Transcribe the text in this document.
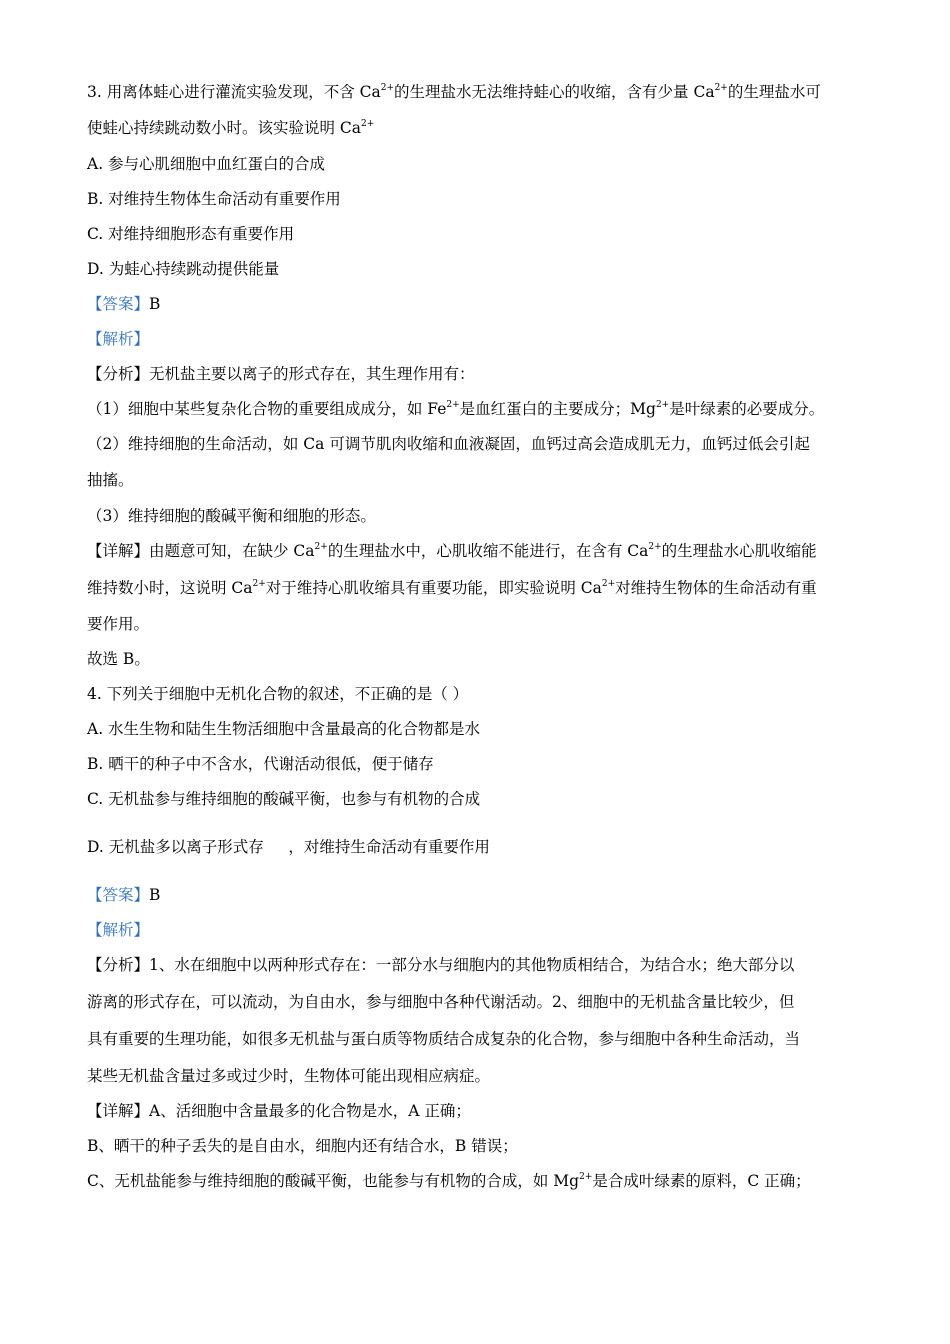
3. 用离体蛙心进行灌流实验发现，不含 $Ca^{2+}$的生理盐水无法维持蛙心的收缩，含有少量 $Ca^{2+}$的生理盐水可
使蛙心持续跳动数小时。该实验说明 $Ca^{2+}$
A. 参与心肌细胞中血红蛋白的合成
B. 对维持生物体生命活动有重要作用
C. 对维持细胞形态有重要作用
D. 为蛙心持续跳动提供能量
【答案】B
【解析】
【分析】无机盐主要以离子的形式存在，其生理作用有：
（1）细胞中某些复杂化合物的重要组成成分，如 $Fe^{2+}$是血红蛋白的主要成分；$Mg^{2+}$是叶绿素的必要成分。
（2）维持细胞的生命活动，如 Ca 可调节肌肉收缩和血液凝固，血钙过高会造成肌无力，血钙过低会引起
抽搐。
（3）维持细胞的酸碱平衡和细胞的形态。
【详解】由题意可知，在缺少 $Ca^{2+}$的生理盐水中，心肌收缩不能进行，在含有 $Ca^{2+}$的生理盐水心肌收缩能
维持数小时，这说明 $Ca^{2+}$对于维持心肌收缩具有重要功能，即实验说明 $Ca^{2+}$对维持生物体的生命活动有重
要作用。
故选 B。
4. 下列关于细胞中无机化合物的叙述，不正确的是（ ）
A. 水生生物和陆生生物活细胞中含量最高的化合物都是水
B. 晒干的种子中不含水，代谢活动很低，便于储存
C. 无机盐参与维持细胞的酸碱平衡，也参与有机物的合成
D. 无机盐多以离子形式存     ，对维持生命活动有重要作用
【答案】B
【解析】
【分析】1、水在细胞中以两种形式存在：一部分水与细胞内的其他物质相结合，为结合水；绝大部分以
游离的形式存在，可以流动，为自由水，参与细胞中各种代谢活动。2、细胞中的无机盐含量比较少，但
具有重要的生理功能，如很多无机盐与蛋白质等物质结合成复杂的化合物，参与细胞中各种生命活动，当
某些无机盐含量过多或过少时，生物体可能出现相应病症。
【详解】A、活细胞中含量最多的化合物是水，A 正确；
B、晒干的种子丢失的是自由水，细胞内还有结合水，B 错误；
C、无机盐能参与维持细胞的酸碱平衡，也能参与有机物的合成，如 $Mg^{2+}$是合成叶绿素的原料，C 正确；
